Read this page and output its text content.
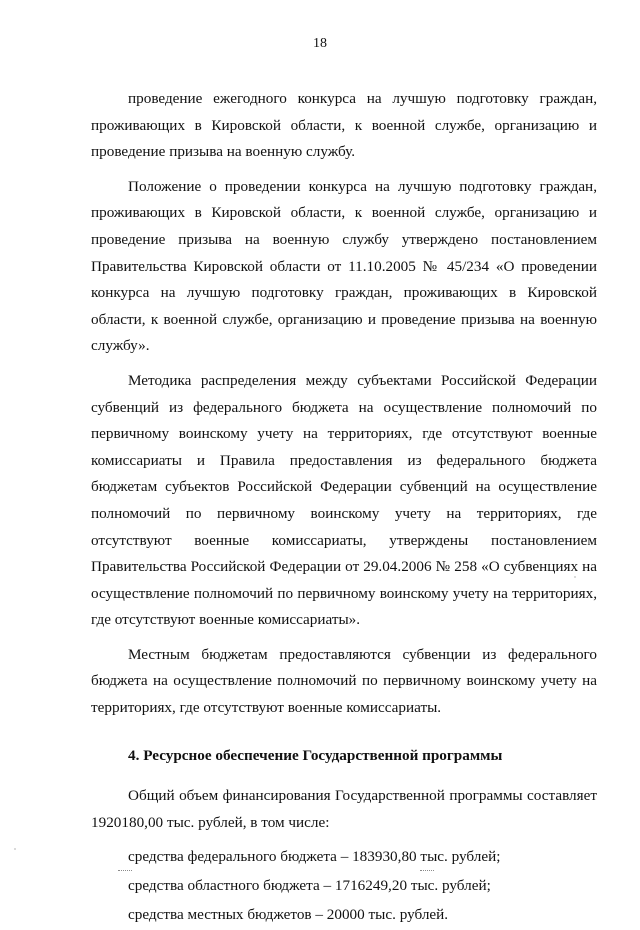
18

проведение ежегодного конкурса на лучшую подготовку граждан, проживающих в Кировской области, к военной службе, организацию и проведение призыва на военную службу.

Положение о проведении конкурса на лучшую подготовку граждан, проживающих в Кировской области, к военной службе, организацию и проведение призыва на военную службу утверждено постановлением Правительства Кировской области от 11.10.2005 № 45/234 «О проведении конкурса на лучшую подготовку граждан, проживающих в Кировской области, к военной службе, организацию и проведение призыва на военную службу».

Методика распределения между субъектами Российской Федерации субвенций из федерального бюджета на осуществление полномочий по первичному воинскому учету на территориях, где отсутствуют военные комиссариаты и Правила предоставления из федерального бюджета бюджетам субъектов Российской Федерации субвенций на осуществление полномочий по первичному воинскому учету на территориях, где отсутствуют военные комиссариаты, утверждены постановлением Правительства Российской Федерации от 29.04.2006 № 258 «О субвенциях на осуществление полномочий по первичному воинскому учету на территориях, где отсутствуют военные комиссариаты».

Местным бюджетам предоставляются субвенции из федерального бюджета на осуществление полномочий по первичному воинскому учету на территориях, где отсутствуют военные комиссариаты.

4. Ресурсное обеспечение Государственной программы

Общий объем финансирования Государственной программы составляет 1920180,00 тыс. рублей, в том числе:

средства федерального бюджета – 183930,80 тыс. рублей;

средства областного бюджета – 1716249,20 тыс. рублей;

средства местных бюджетов – 20000 тыс. рублей.
